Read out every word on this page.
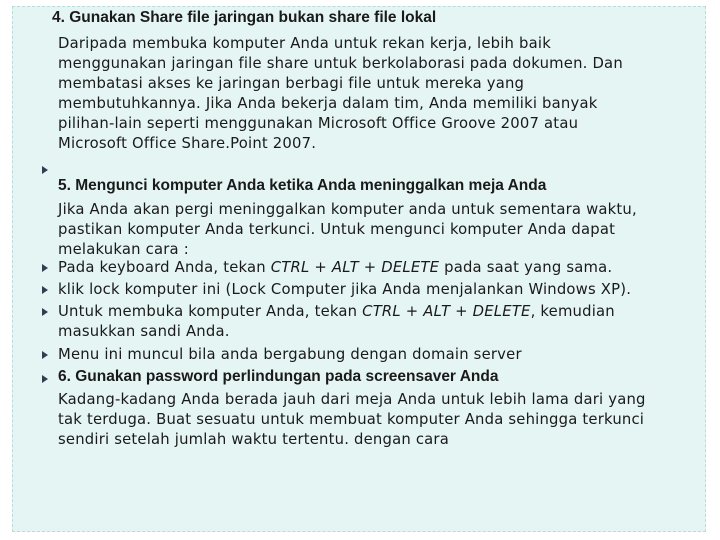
4. Gunakan Share file jaringan bukan share file lokal
Daripada membuka komputer Anda untuk rekan kerja, lebih baik
menggunakan jaringan file share untuk berkolaborasi pada dokumen. Dan
membatasi akses ke jaringan berbagi file untuk mereka yang
membutuhkannya. Jika Anda bekerja dalam tim, Anda memiliki banyak
pilihan-lain seperti menggunakan Microsoft Office Groove 2007 atau
Microsoft Office Share.Point 2007.
5. Mengunci komputer Anda ketika Anda meninggalkan meja Anda
Jika Anda akan pergi meninggalkan komputer anda untuk sementara waktu,
pastikan komputer Anda terkunci. Untuk mengunci komputer Anda dapat
melakukan cara :
Pada keyboard Anda, tekan CTRL + ALT + DELETE pada saat yang sama.
klik lock komputer ini (Lock Computer jika Anda menjalankan Windows XP).
Untuk membuka komputer Anda, tekan CTRL + ALT + DELETE, kemudian
masukkan sandi Anda.
Menu ini muncul bila anda bergabung dengan domain server
6. Gunakan password perlindungan pada screensaver Anda
Kadang-kadang Anda berada jauh dari meja Anda untuk lebih lama dari yang
tak terduga. Buat sesuatu untuk membuat komputer Anda sehingga terkunci
sendiri setelah jumlah waktu tertentu. dengan cara
